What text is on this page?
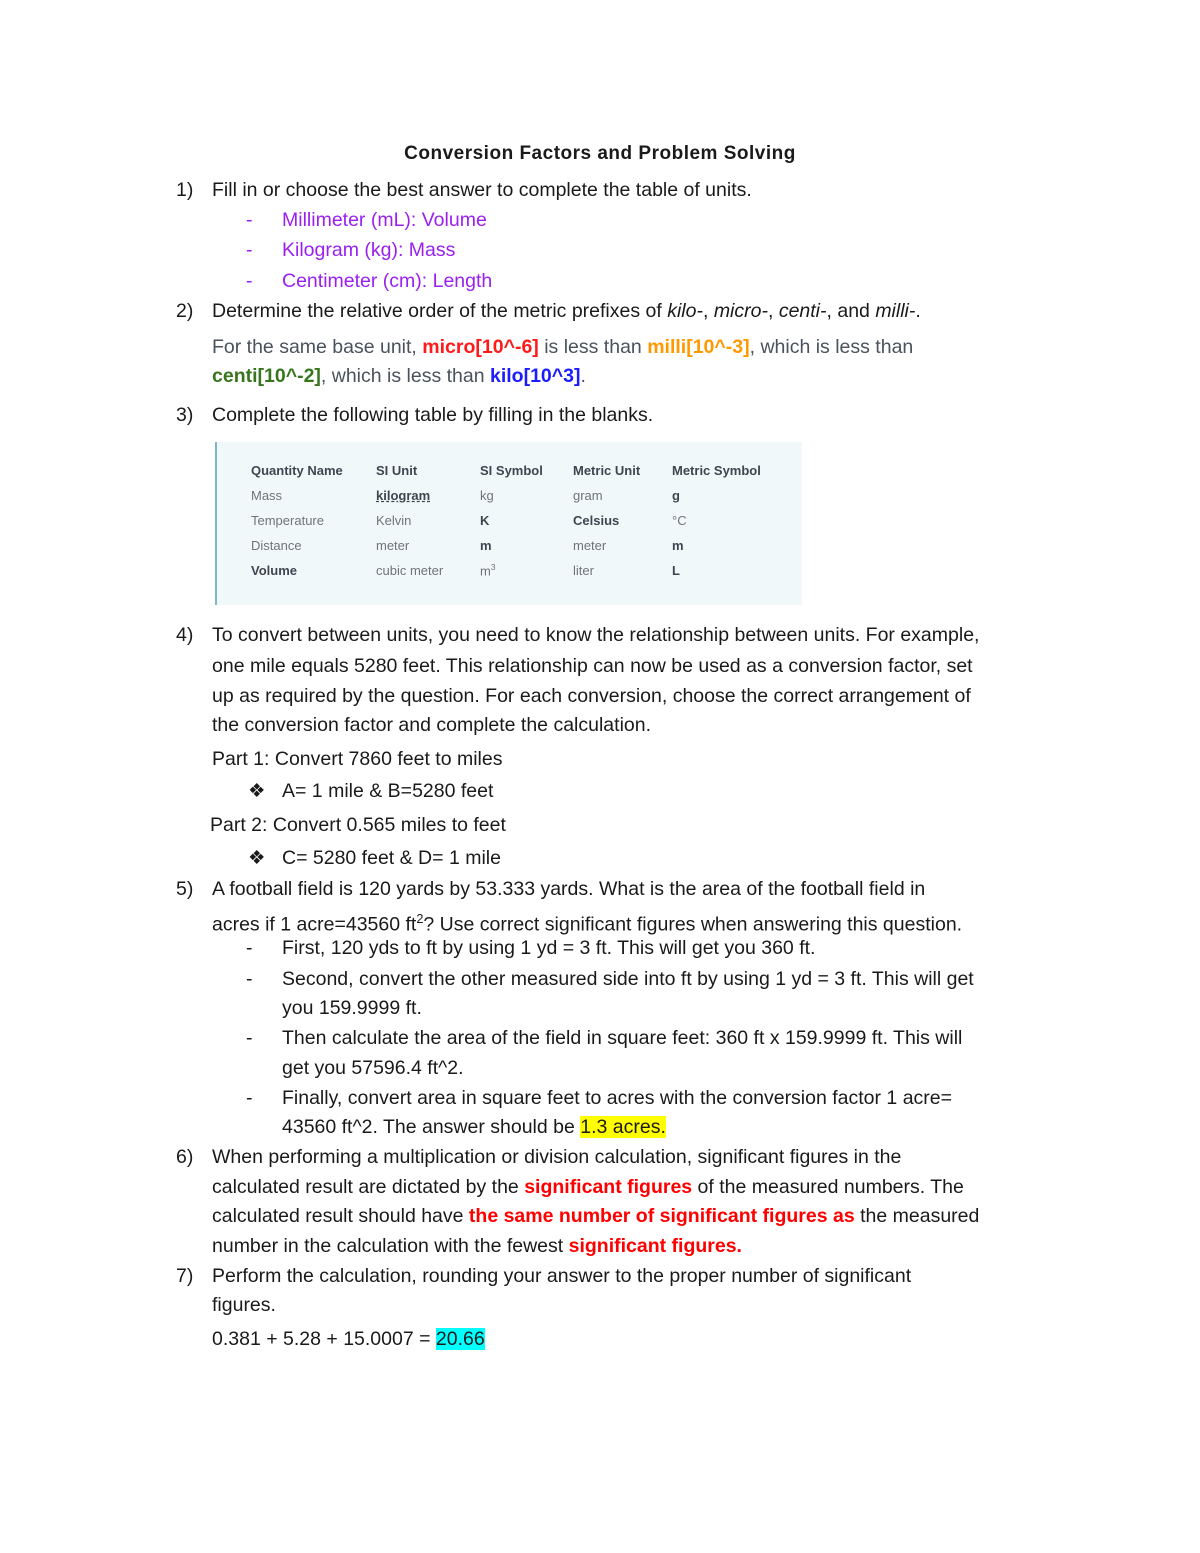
Conversion Factors and Problem Solving
1) Fill in or choose the best answer to complete the table of units.
- Millimeter (mL): Volume
- Kilogram (kg): Mass
- Centimeter (cm): Length
2) Determine the relative order of the metric prefixes of kilo-, micro-, centi-, and milli-.
For the same base unit, micro[10^-6] is less than milli[10^-3], which is less than
centi[10^-2], which is less than kilo[10^3].
3) Complete the following table by filling in the blanks.
Quantity Name	SI Unit	SI Symbol	Metric Unit	Metric Symbol
Mass	kilogram	kg	gram	g
Temperature	Kelvin	K	Celsius	°C
Distance	meter	m	meter	m
Volume	cubic meter	$m^3$	liter	L
4) To convert between units, you need to know the relationship between units. For example,
one mile equals 5280 feet. This relationship can now be used as a conversion factor, set
up as required by the question. For each conversion, choose the correct arrangement of
the conversion factor and complete the calculation.
Part 1: Convert 7860 feet to miles
❖ A= 1 mile & B=5280 feet
Part 2: Convert 0.565 miles to feet
❖ C= 5280 feet & D= 1 mile
5) A football field is 120 yards by 53.333 yards. What is the area of the football field in
acres if 1 acre=43560 $ft^2$? Use correct significant figures when answering this question.
- First, 120 yds to ft by using 1 yd = 3 ft. This will get you 360 ft.
- Second, convert the other measured side into ft by using 1 yd = 3 ft. This will get
you 159.9999 ft.
- Then calculate the area of the field in square feet: 360 ft x 159.9999 ft. This will
get you 57596.4 ft^2.
- Finally, convert area in square feet to acres with the conversion factor 1 acre=
43560 ft^2. The answer should be 1.3 acres.
6) When performing a multiplication or division calculation, significant figures in the
calculated result are dictated by the significant figures of the measured numbers. The
calculated result should have the same number of significant figures as the measured
number in the calculation with the fewest significant figures.
7) Perform the calculation, rounding your answer to the proper number of significant
figures.
0.381 + 5.28 + 15.0007 = 20.66
